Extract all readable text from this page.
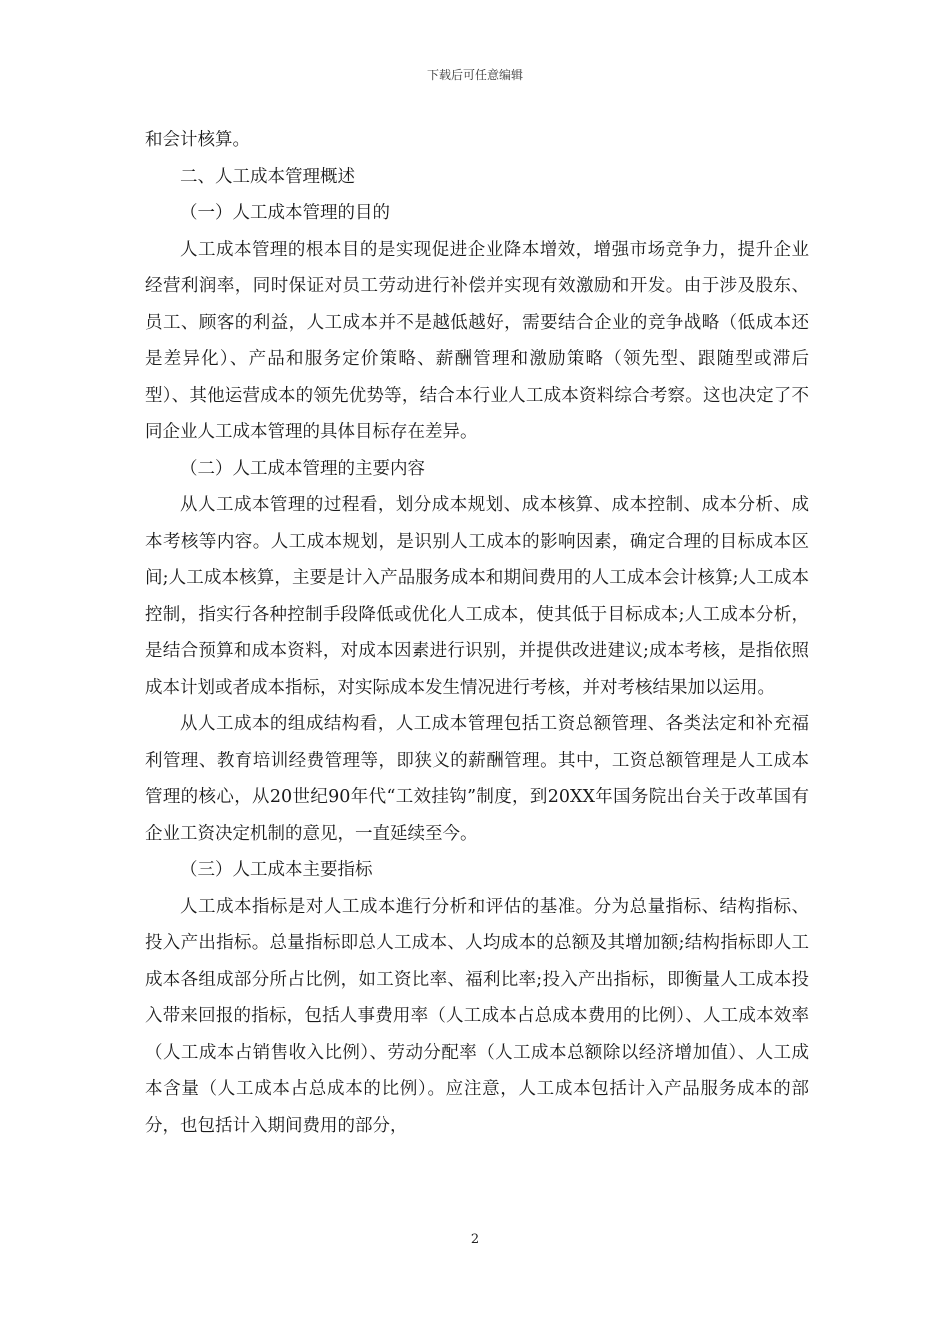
下载后可任意编辑

和会计核算。

二、人工成本管理概述

（一）人工成本管理的目的

人工成本管理的根本目的是实现促进企业降本增效，增强市场竞争力，提升企业经营利润率，同时保证对员工劳动进行补偿并实现有效激励和开发。由于涉及股东、员工、顾客的利益，人工成本并不是越低越好，需要结合企业的竞争战略（低成本还是差异化）、产品和服务定价策略、薪酬管理和激励策略（领先型、跟随型或滞后型）、其他运营成本的领先优势等，结合本行业人工成本资料综合考察。这也决定了不同企业人工成本管理的具体目标存在差异。

（二）人工成本管理的主要内容

从人工成本管理的过程看，划分成本规划、成本核算、成本控制、成本分析、成本考核等内容。人工成本规划，是识别人工成本的影响因素，确定合理的目标成本区间;人工成本核算，主要是计入产品服务成本和期间费用的人工成本会计核算;人工成本控制，指实行各种控制手段降低或优化人工成本，使其低于目标成本;人工成本分析，是结合预算和成本资料，对成本因素进行识别，并提供改进建议;成本考核，是指依照成本计划或者成本指标，对实际成本发生情况进行考核，并对考核结果加以运用。

从人工成本的组成结构看，人工成本管理包括工资总额管理、各类法定和补充福利管理、教育培训经费管理等，即狭义的薪酬管理。其中，工资总额管理是人工成本管理的核心，从20世纪90年代“工效挂钩”制度，到20XX年国务院出台关于改革国有企业工资决定机制的意见，一直延续至今。

（三）人工成本主要指标

人工成本指标是对人工成本進行分析和评估的基准。分为总量指标、结构指标、投入产出指标。总量指标即总人工成本、人均成本的总额及其增加额;结构指标即人工成本各组成部分所占比例，如工资比率、福利比率;投入产出指标，即衡量人工成本投入带来回报的指标，包括人事费用率（人工成本占总成本费用的比例）、人工成本效率（人工成本占销售收入比例）、劳动分配率（人工成本总额除以经济增加值）、人工成本含量（人工成本占总成本的比例）。应注意，人工成本包括计入产品服务成本的部分，也包括计入期间费用的部分，

2
